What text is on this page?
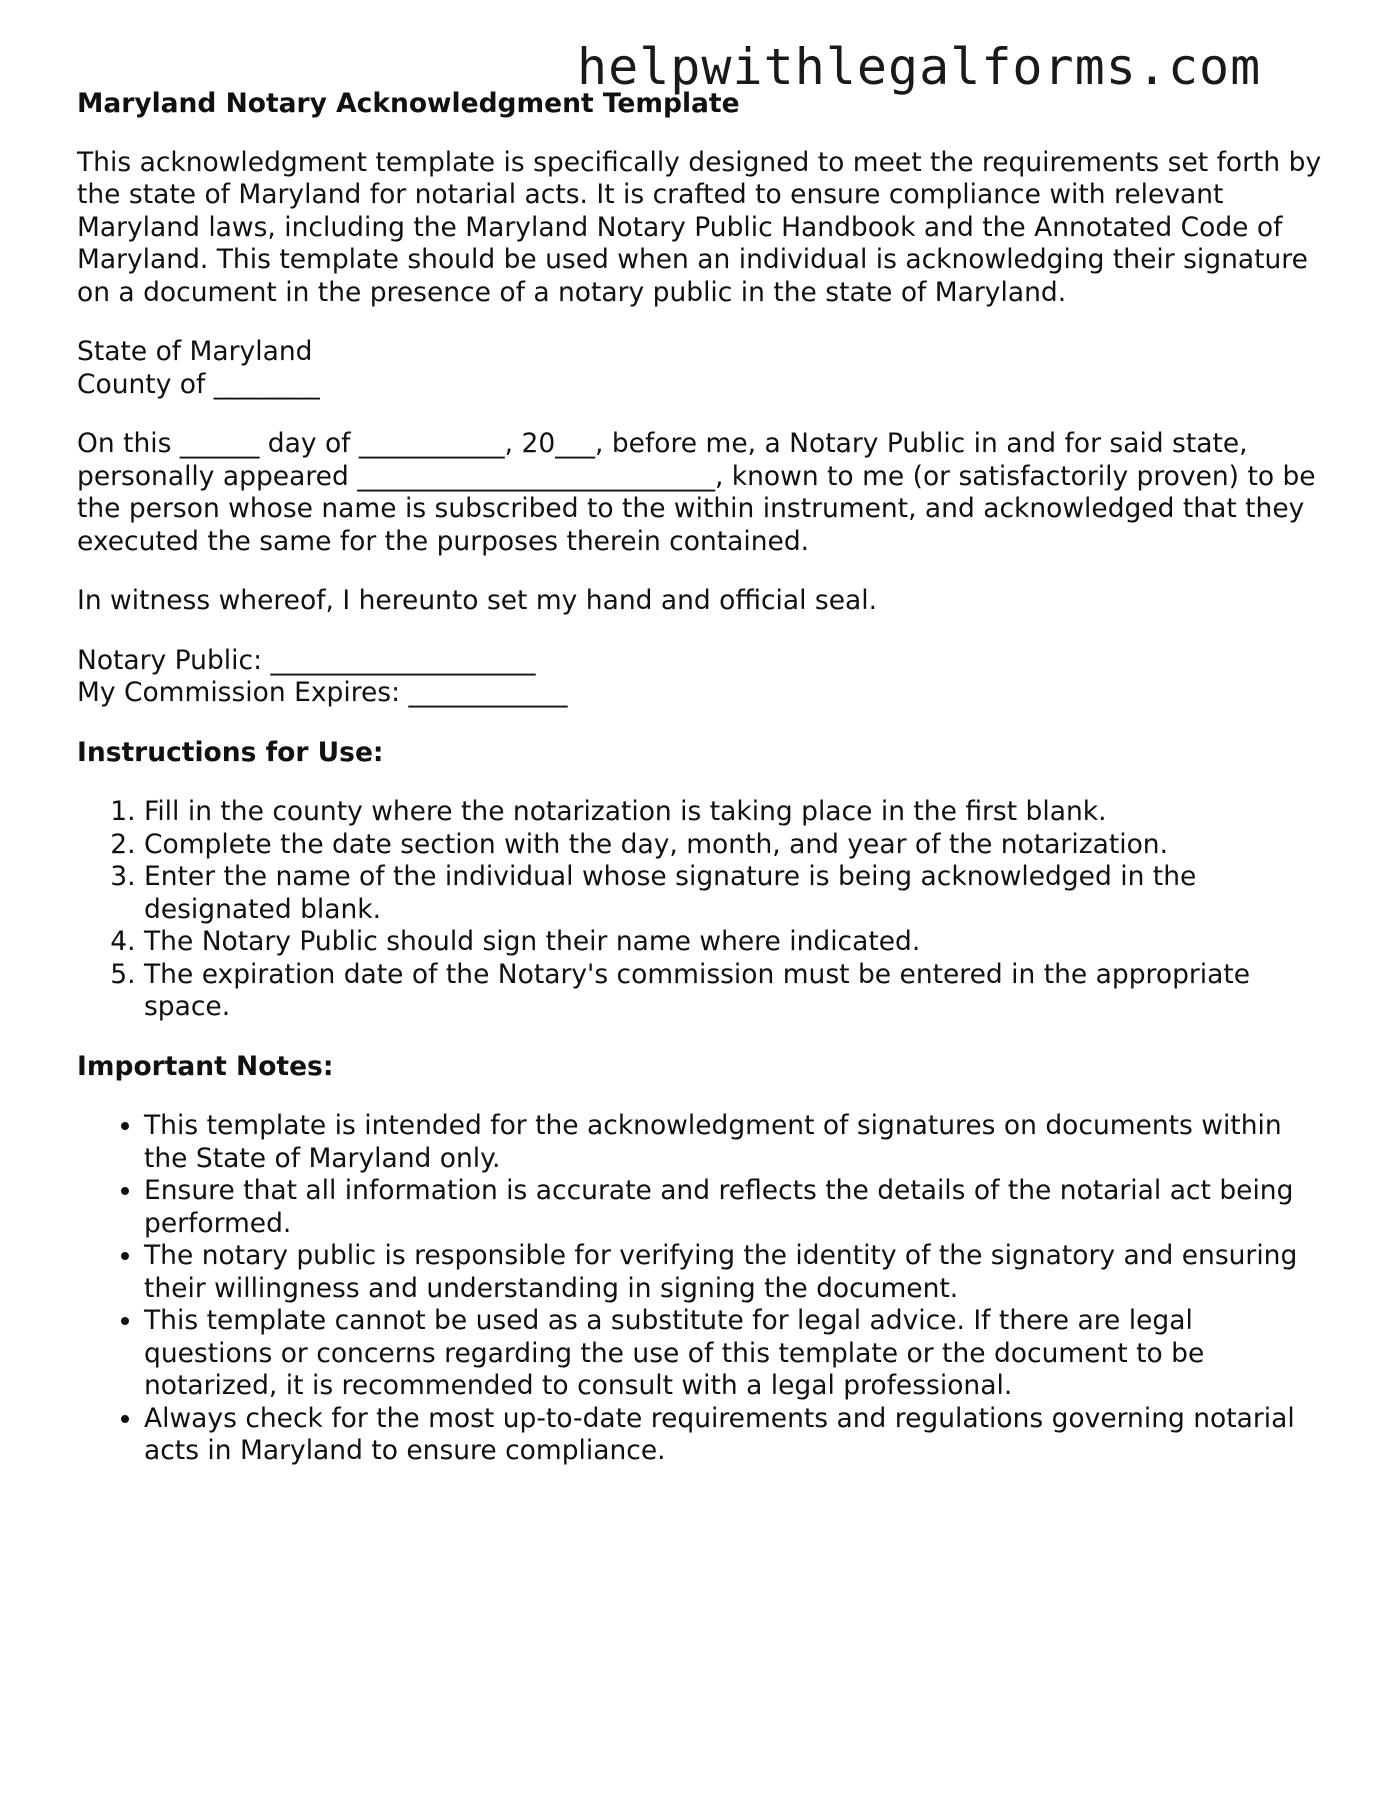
helpwithlegalforms.com
Maryland Notary Acknowledgment Template

This acknowledgment template is specifically designed to meet the requirements set forth by the state of Maryland for notarial acts. It is crafted to ensure compliance with relevant Maryland laws, including the Maryland Notary Public Handbook and the Annotated Code of Maryland. This template should be used when an individual is acknowledging their signature on a document in the presence of a notary public in the state of Maryland.

State of Maryland
County of ________

On this ______ day of ___________, 20___, before me, a Notary Public in and for said state, personally appeared ___________________________, known to me (or satisfactorily proven) to be the person whose name is subscribed to the within instrument, and acknowledged that they executed the same for the purposes therein contained.

In witness whereof, I hereunto set my hand and official seal.

Notary Public: ____________________
My Commission Expires: ____________

Instructions for Use:
1. Fill in the county where the notarization is taking place in the first blank.
2. Complete the date section with the day, month, and year of the notarization.
3. Enter the name of the individual whose signature is being acknowledged in the designated blank.
4. The Notary Public should sign their name where indicated.
5. The expiration date of the Notary's commission must be entered in the appropriate space.
Important Notes:
• This template is intended for the acknowledgment of signatures on documents within the State of Maryland only.
• Ensure that all information is accurate and reflects the details of the notarial act being performed.
• The notary public is responsible for verifying the identity of the signatory and ensuring their willingness and understanding in signing the document.
• This template cannot be used as a substitute for legal advice. If there are legal questions or concerns regarding the use of this template or the document to be notarized, it is recommended to consult with a legal professional.
• Always check for the most up-to-date requirements and regulations governing notarial acts in Maryland to ensure compliance.
